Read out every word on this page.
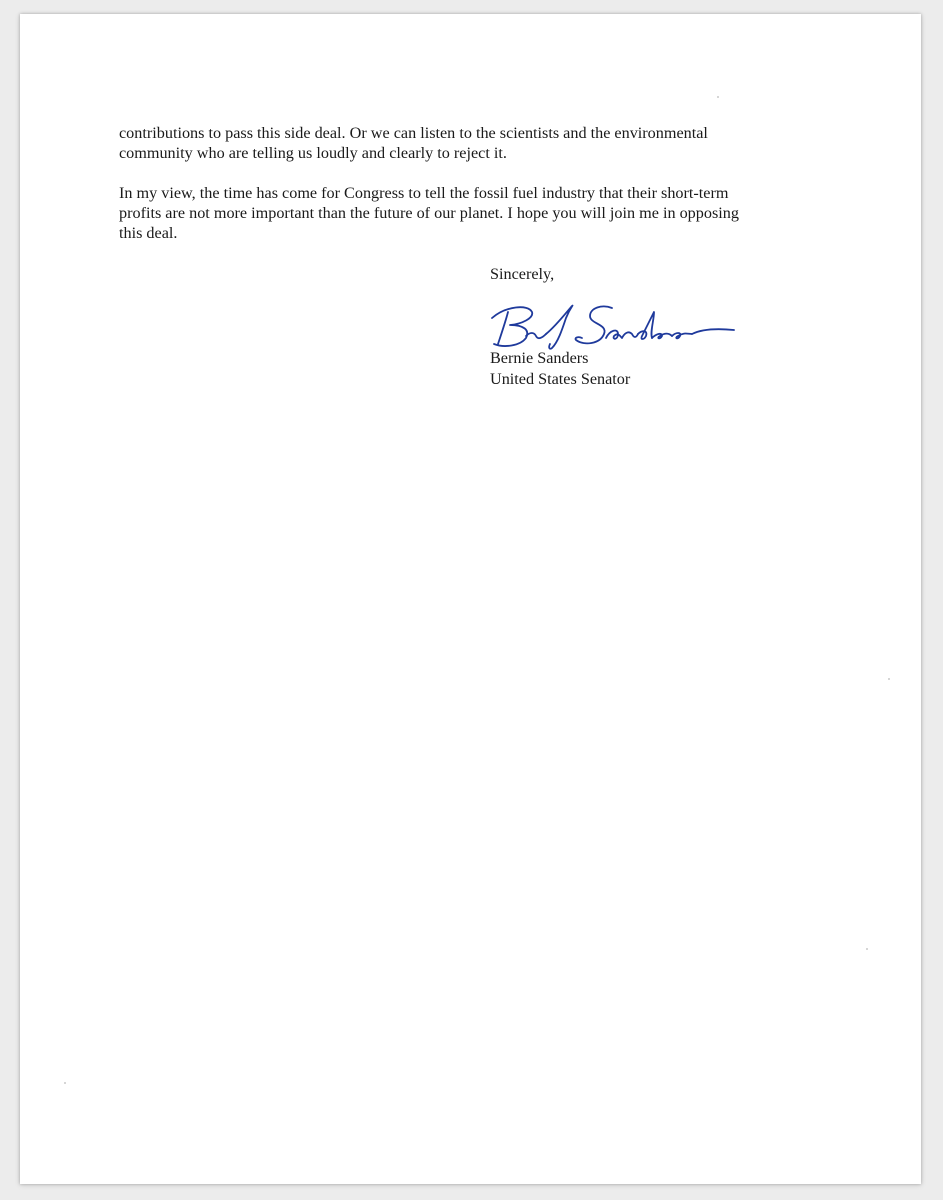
contributions to pass this side deal. Or we can listen to the scientists and the environmental
community who are telling us loudly and clearly to reject it.

In my view, the time has come for Congress to tell the fossil fuel industry that their short-term
profits are not more important than the future of our planet. I hope you will join me in opposing
this deal.

Sincerely,
Bernie Sanders
United States Senator
